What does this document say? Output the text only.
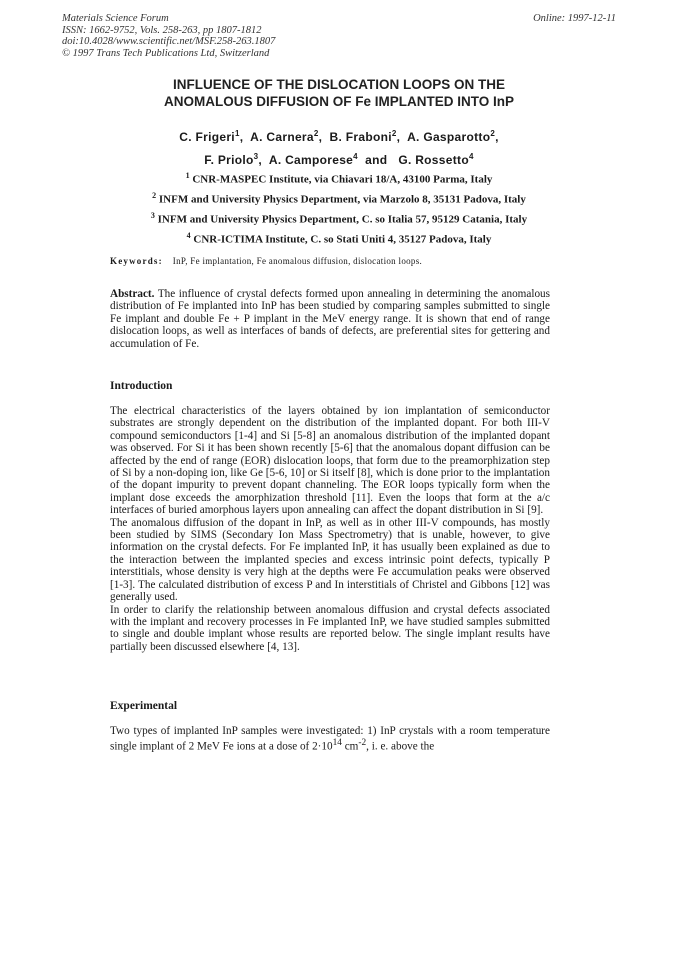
Materials Science Forum
ISSN: 1662-9752, Vols. 258-263, pp 1807-1812
doi:10.4028/www.scientific.net/MSF.258-263.1807
© 1997 Trans Tech Publications Ltd, Switzerland
Online: 1997-12-11
INFLUENCE OF THE DISLOCATION LOOPS ON THE
ANOMALOUS DIFFUSION OF Fe IMPLANTED INTO InP
C. Frigeri$^1$,  A. Carnera$^2$,  B. Fraboni$^2$,  A. Gasparotto$^2$,
F. Priolo$^3$,  A. Camporese$^4$  and   G. Rossetto$^4$
$^1$ CNR-MASPEC Institute, via Chiavari 18/A, 43100 Parma, Italy
$^2$ INFM and University Physics Department, via Marzolo 8, 35131 Padova, Italy
$^3$ INFM and University Physics Department, C. so Italia 57, 95129 Catania, Italy
$^4$ CNR-ICTIMA Institute, C. so Stati Uniti 4, 35127 Padova, Italy
Keywords: InP, Fe implantation, Fe anomalous diffusion, dislocation loops.

Abstract. The influence of crystal defects formed upon annealing in determining the anomalous distribution of Fe implanted into InP has been studied by comparing samples submitted to single Fe implant and double Fe + P implant in the MeV energy range. It is shown that end of range dislocation loops, as well as interfaces of bands of defects, are preferential sites for gettering and accumulation of Fe.

Introduction

The electrical characteristics of the layers obtained by ion implantation of semiconductor substrates are strongly dependent on the distribution of the implanted dopant. For both III-V compound semiconductors [1-4] and Si [5-8] an anomalous distribution of the implanted dopant was observed. For Si it has been shown recently [5-6] that the anomalous dopant diffusion can be affected by the end of range (EOR) dislocation loops, that form due to the preamorphization step of Si by a non-doping ion, like Ge [5-6, 10] or Si itself [8], which is done prior to the implantation of the dopant impurity to prevent dopant channeling. The EOR loops typically form when the implant dose exceeds the amorphization threshold [11]. Even the loops that form at the a/c interfaces of buried amorphous layers upon annealing can affect the dopant distribution in Si [9].

The anomalous diffusion of the dopant in InP, as well as in other III-V compounds, has mostly been studied by SIMS (Secondary Ion Mass Spectrometry) that is unable, however, to give information on the crystal defects. For Fe implanted InP, it has usually been explained as due to the interaction between the implanted species and excess intrinsic point defects, typically P interstitials, whose density is very high at the depths were Fe accumulation peaks were observed [1-3]. The calculated distribution of excess P and In interstitials of Christel and Gibbons [12] was generally used.

In order to clarify the relationship between anomalous diffusion and crystal defects associated with the implant and recovery processes in Fe implanted InP, we have studied samples submitted to single and double implant whose results are reported below. The single implant results have partially been discussed elsewhere [4, 13].

Experimental

Two types of implanted InP samples were investigated: 1) InP crystals with a room temperature single implant of 2 MeV Fe ions at a dose of $2\cdot 10^{14}$ $cm^{-2}$, i. e. above the
